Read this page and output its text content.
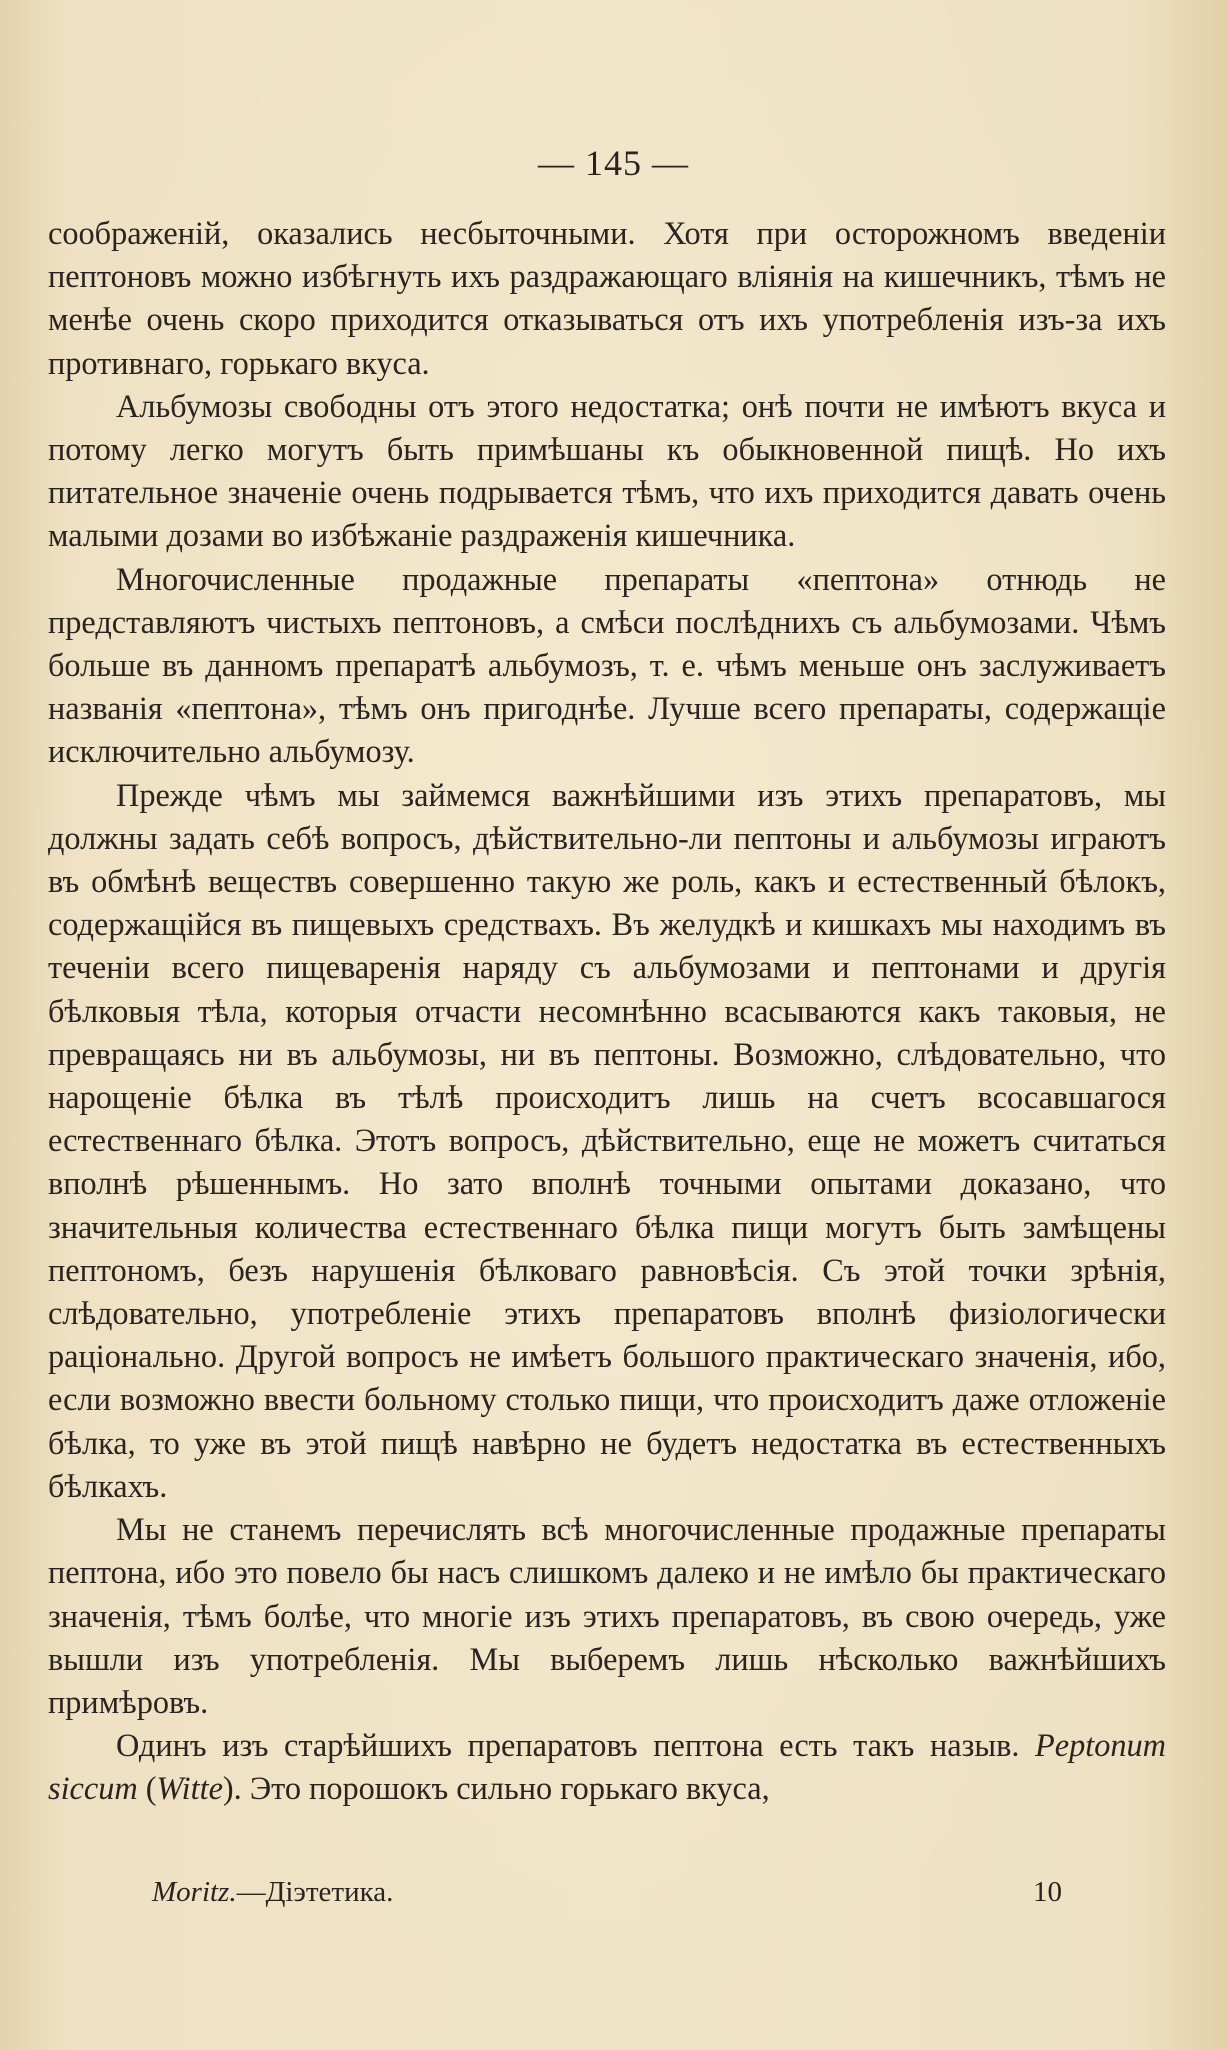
— 145 —

соображенiй, оказались несбыточными. Хотя при осторожномъ введенiи пептоновъ можно избѣгнуть ихъ раздражающаго влiянiя на кишечникъ, тѣмъ не менѣе очень скоро приходится отказываться отъ ихъ употребленiя изъ-за ихъ противнаго, горькаго вкуса.

Альбумозы свободны отъ этого недостатка; онѣ почти не имѣютъ вкуса и потому легко могутъ быть примѣшаны къ обыкновенной пищѣ. Но ихъ питательное значенiе очень подрывается тѣмъ, что ихъ приходится давать очень малыми дозами во избѣжанiе раздраженiя кишечника.

Многочисленные продажные препараты «пептона» отнюдь не представляютъ чистыхъ пептоновъ, а смѣси послѣднихъ съ альбумозами. Чѣмъ больше въ данномъ препаратѣ альбумозъ, т. е. чѣмъ меньше онъ заслуживаетъ названiя «пептона», тѣмъ онъ пригоднѣе. Лучше всего препараты, содержащiе исключительно альбумозу.

Прежде чѣмъ мы займемся важнѣйшими изъ этихъ препаратовъ, мы должны задать себѣ вопросъ, дѣйствительно-ли пептоны и альбумозы играютъ въ обмѣнѣ веществъ совершенно такую же роль, какъ и естественный бѣлокъ, содержащiйся въ пищевыхъ средствахъ. Въ желудкѣ и кишкахъ мы находимъ въ теченiи всего пищеваренiя наряду съ альбумозами и пептонами и другiя бѣлковыя тѣла, которыя отчасти несомнѣнно всасываются какъ таковыя, не превращаясь ни въ альбумозы, ни въ пептоны. Возможно, слѣдовательно, что нарощенiе бѣлка въ тѣлѣ происходитъ лишь на счетъ всосавшагося естественнаго бѣлка. Этотъ вопросъ, дѣйствительно, еще не можетъ считаться вполнѣ рѣшеннымъ. Но зато вполнѣ точными опытами доказано, что значительныя количества естественнаго бѣлка пищи могутъ быть замѣщены пептономъ, безъ нарушенiя бѣлковаго равновѣсiя. Съ этой точки зрѣнiя, слѣдовательно, употребленiе этихъ препаратовъ вполнѣ физiологически рацiонально. Другой вопросъ не имѣетъ большого практическаго значенiя, ибо, если возможно ввести больному столько пищи, что происходитъ даже отложенiе бѣлка, то уже въ этой пищѣ навѣрно не будетъ недостатка въ естественныхъ бѣлкахъ.

Мы не станемъ перечислять всѣ многочисленные продажные препараты пептона, ибо это повело бы насъ слишкомъ далеко и не имѣло бы практическаго значенiя, тѣмъ болѣе, что многiе изъ этихъ препаратовъ, въ свою очередь, уже вышли изъ употребленiя. Мы выберемъ лишь нѣсколько важнѣйшихъ примѣровъ.

Одинъ изъ старѣйшихъ препаратовъ пептона есть такъ назыв. Peptonum siccum (Witte). Это порошокъ сильно горькаго вкуса,

Moritz.—Дiэтетика.	10
